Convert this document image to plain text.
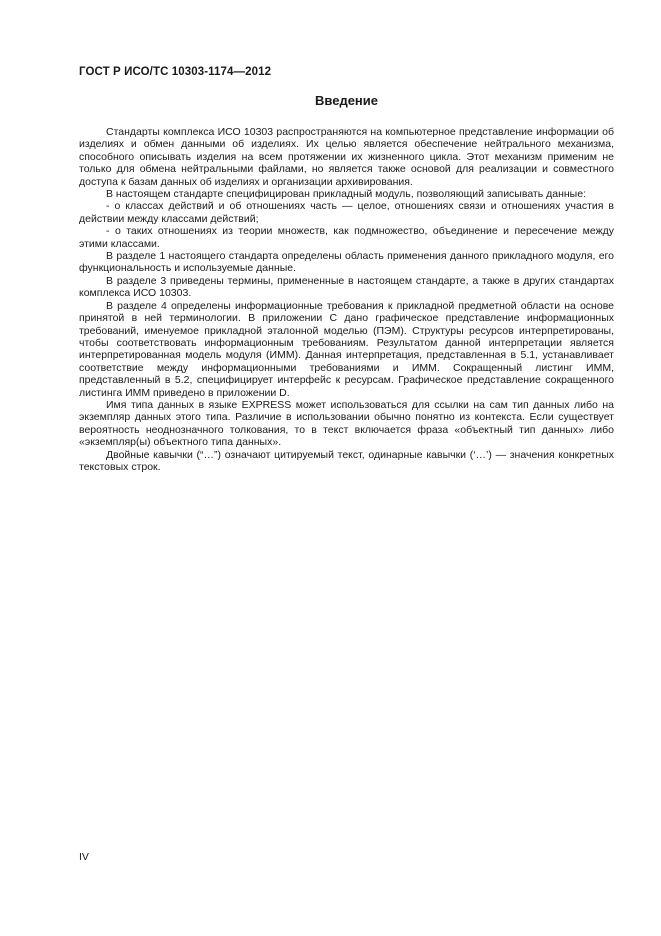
ГОСТ Р ИСО/ТС 10303-1174—2012
Введение

Стандарты комплекса ИСО 10303 распространяются на компьютерное представление информации об изделиях и обмен данными об изделиях. Их целью является обеспечение нейтрального механизма, способного описывать изделия на всем протяжении их жизненного цикла. Этот механизм применим не только для обмена нейтральными файлами, но является также основой для реализации и совместного доступа к базам данных об изделиях и организации архивирования.

В настоящем стандарте специфицирован прикладный модуль, позволяющий записывать данные:

- о классах действий и об отношениях часть — целое, отношениях связи и отношениях участия в действии между классами действий;

- о таких отношениях из теории множеств, как подмножество, объединение и пересечение между этими классами.

В разделе 1 настоящего стандарта определены область применения данного прикладного модуля, его функциональность и используемые данные.

В разделе 3 приведены термины, примененные в настоящем стандарте, а также в других стандартах комплекса ИСО 10303.

В разделе 4 определены информационные требования к прикладной предметной области на основе принятой в ней терминологии. В приложении С дано графическое представление информационных требований, именуемое прикладной эталонной моделью (ПЭМ). Структуры ресурсов интерпретированы, чтобы соответствовать информационным требованиям. Результатом данной интерпретации является интерпретированная модель модуля (ИММ). Данная интерпретация, представленная в 5.1, устанавливает соответствие между информационными требованиями и ИММ. Сокращенный листинг ИММ, представленный в 5.2, специфицирует интерфейс к ресурсам. Графическое представление сокращенного листинга ИММ приведено в приложении D.

Имя типа данных в языке EXPRESS может использоваться для ссылки на сам тип данных либо на экземпляр данных этого типа. Различие в использовании обычно понятно из контекста. Если существует вероятность неоднозначного толкования, то в текст включается фраза «объектный тип данных» либо «экземпляр(ы) объектного типа данных».

Двойные кавычки (“…”) означают цитируемый текст, одинарные кавычки (‘…’) — значения конкретных текстовых строк.

IV
